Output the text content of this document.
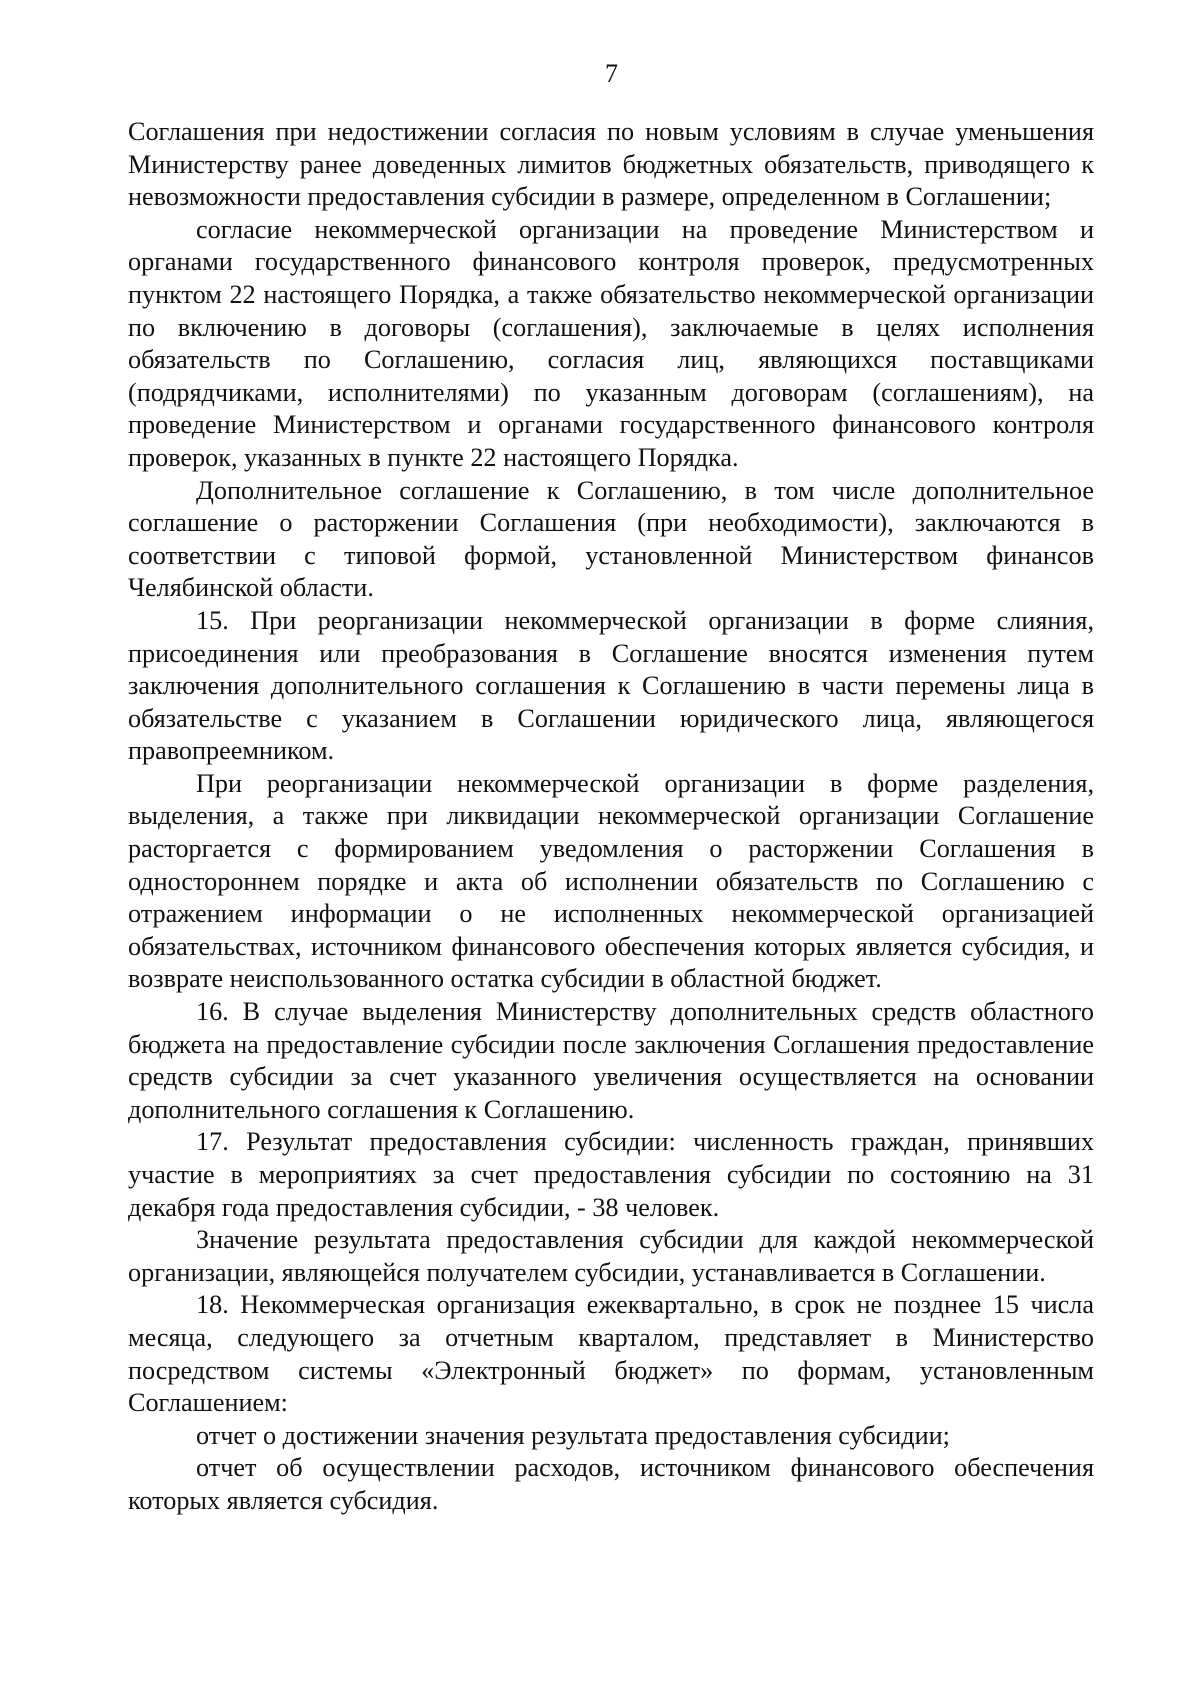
7

Соглашения при недостижении согласия по новым условиям в случае уменьшения Министерству ранее доведенных лимитов бюджетных обязательств, приводящего к невозможности предоставления субсидии в размере, определенном в Соглашении;

согласие некоммерческой организации на проведение Министерством и органами государственного финансового контроля проверок, предусмотренных пунктом 22 настоящего Порядка, а также обязательство некоммерческой организации по включению в договоры (соглашения), заключаемые в целях исполнения обязательств по Соглашению, согласия лиц, являющихся поставщиками (подрядчиками, исполнителями) по указанным договорам (соглашениям), на проведение Министерством и органами государственного финансового контроля проверок, указанных в пункте 22 настоящего Порядка.

Дополнительное соглашение к Соглашению, в том числе дополнительное соглашение о расторжении Соглашения (при необходимости), заключаются в соответствии с типовой формой, установленной Министерством финансов Челябинской области.

15. При реорганизации некоммерческой организации в форме слияния, присоединения или преобразования в Соглашение вносятся изменения путем заключения дополнительного соглашения к Соглашению в части перемены лица в обязательстве с указанием в Соглашении юридического лица, являющегося правопреемником.

При реорганизации некоммерческой организации в форме разделения, выделения, а также при ликвидации некоммерческой организации Соглашение расторгается с формированием уведомления о расторжении Соглашения в одностороннем порядке и акта об исполнении обязательств по Соглашению с отражением информации о не исполненных некоммерческой организацией обязательствах, источником финансового обеспечения которых является субсидия, и возврате неиспользованного остатка субсидии в областной бюджет.

16. В случае выделения Министерству дополнительных средств областного бюджета на предоставление субсидии после заключения Соглашения предоставление средств субсидии за счет указанного увеличения осуществляется на основании дополнительного соглашения к Соглашению.

17. Результат предоставления субсидии: численность граждан, принявших участие в мероприятиях за счет предоставления субсидии по состоянию на 31 декабря года предоставления субсидии, - 38 человек.

Значение результата предоставления субсидии для каждой некоммерческой организации, являющейся получателем субсидии, устанавливается в Соглашении.

18. Некоммерческая организация ежеквартально, в срок не позднее 15 числа месяца, следующего за отчетным кварталом, представляет в Министерство посредством системы «Электронный бюджет» по формам, установленным Соглашением:

отчет о достижении значения результата предоставления субсидии;

отчет об осуществлении расходов, источником финансового обеспечения которых является субсидия.
